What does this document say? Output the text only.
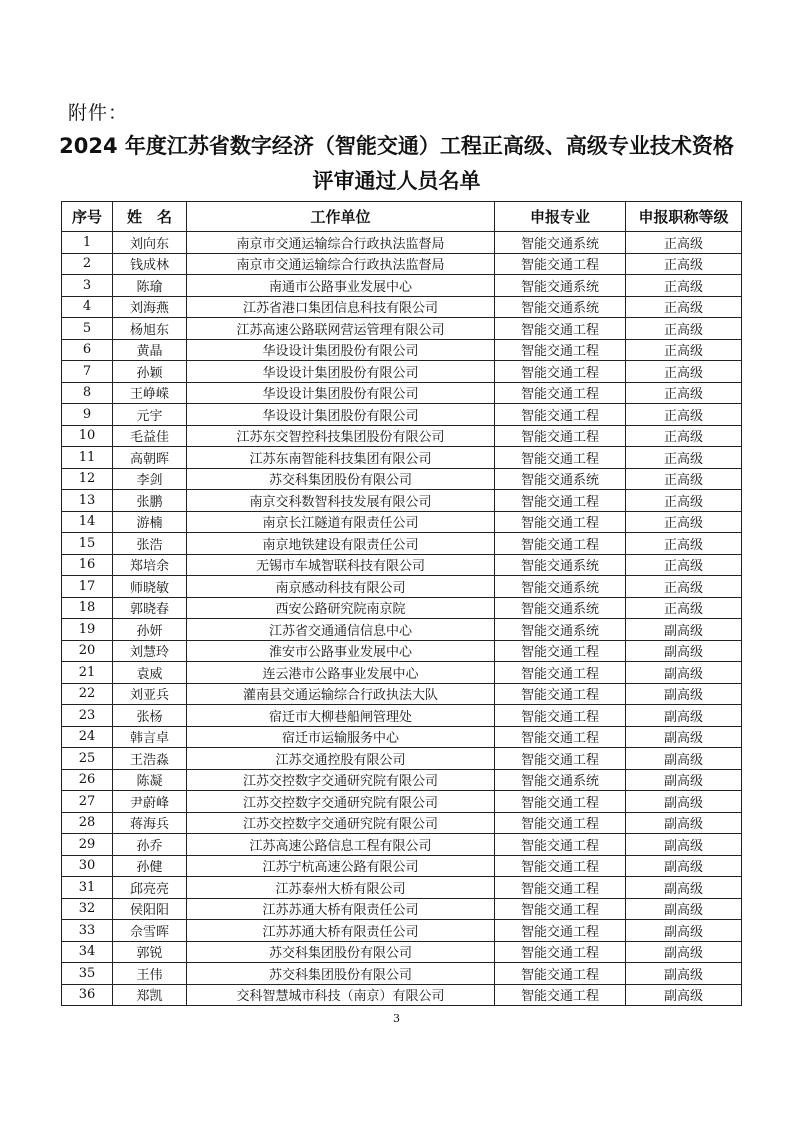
附件：
2024 年度江苏省数字经济（智能交通）工程正高级、高级专业技术资格
评审通过人员名单
序号	姓　名	工作单位	申报专业	申报职称等级
1	刘向东	南京市交通运输综合行政执法监督局	智能交通系统	正高级
2	钱成林	南京市交通运输综合行政执法监督局	智能交通工程	正高级
3	陈瑜	南通市公路事业发展中心	智能交通系统	正高级
4	刘海燕	江苏省港口集团信息科技有限公司	智能交通系统	正高级
5	杨旭东	江苏高速公路联网营运管理有限公司	智能交通工程	正高级
6	黄晶	华设设计集团股份有限公司	智能交通工程	正高级
7	孙颖	华设设计集团股份有限公司	智能交通工程	正高级
8	王峥嵘	华设设计集团股份有限公司	智能交通工程	正高级
9	元宇	华设设计集团股份有限公司	智能交通工程	正高级
10	毛益佳	江苏东交智控科技集团股份有限公司	智能交通工程	正高级
11	高朝晖	江苏东南智能科技集团有限公司	智能交通工程	正高级
12	李剑	苏交科集团股份有限公司	智能交通系统	正高级
13	张鹏	南京交科数智科技发展有限公司	智能交通工程	正高级
14	游楠	南京长江隧道有限责任公司	智能交通工程	正高级
15	张浩	南京地铁建设有限责任公司	智能交通工程	正高级
16	郑培余	无锡市车城智联科技有限公司	智能交通系统	正高级
17	师晓敏	南京感动科技有限公司	智能交通系统	正高级
18	郭晓春	西安公路研究院南京院	智能交通系统	正高级
19	孙妍	江苏省交通通信信息中心	智能交通系统	副高级
20	刘慧玲	淮安市公路事业发展中心	智能交通工程	副高级
21	袁威	连云港市公路事业发展中心	智能交通工程	副高级
22	刘亚兵	灌南县交通运输综合行政执法大队	智能交通工程	副高级
23	张杨	宿迁市大柳巷船闸管理处	智能交通工程	副高级
24	韩言卓	宿迁市运输服务中心	智能交通工程	副高级
25	王浩淼	江苏交通控股有限公司	智能交通工程	副高级
26	陈凝	江苏交控数字交通研究院有限公司	智能交通系统	副高级
27	尹蔚峰	江苏交控数字交通研究院有限公司	智能交通工程	副高级
28	蒋海兵	江苏交控数字交通研究院有限公司	智能交通工程	副高级
29	孙乔	江苏高速公路信息工程有限公司	智能交通工程	副高级
30	孙健	江苏宁杭高速公路有限公司	智能交通工程	副高级
31	邱亮亮	江苏泰州大桥有限公司	智能交通工程	副高级
32	侯阳阳	江苏苏通大桥有限责任公司	智能交通工程	副高级
33	佘雪晖	江苏苏通大桥有限责任公司	智能交通工程	副高级
34	郭锐	苏交科集团股份有限公司	智能交通工程	副高级
35	王伟	苏交科集团股份有限公司	智能交通工程	副高级
36	郑凯	交科智慧城市科技（南京）有限公司	智能交通工程	副高级
3
